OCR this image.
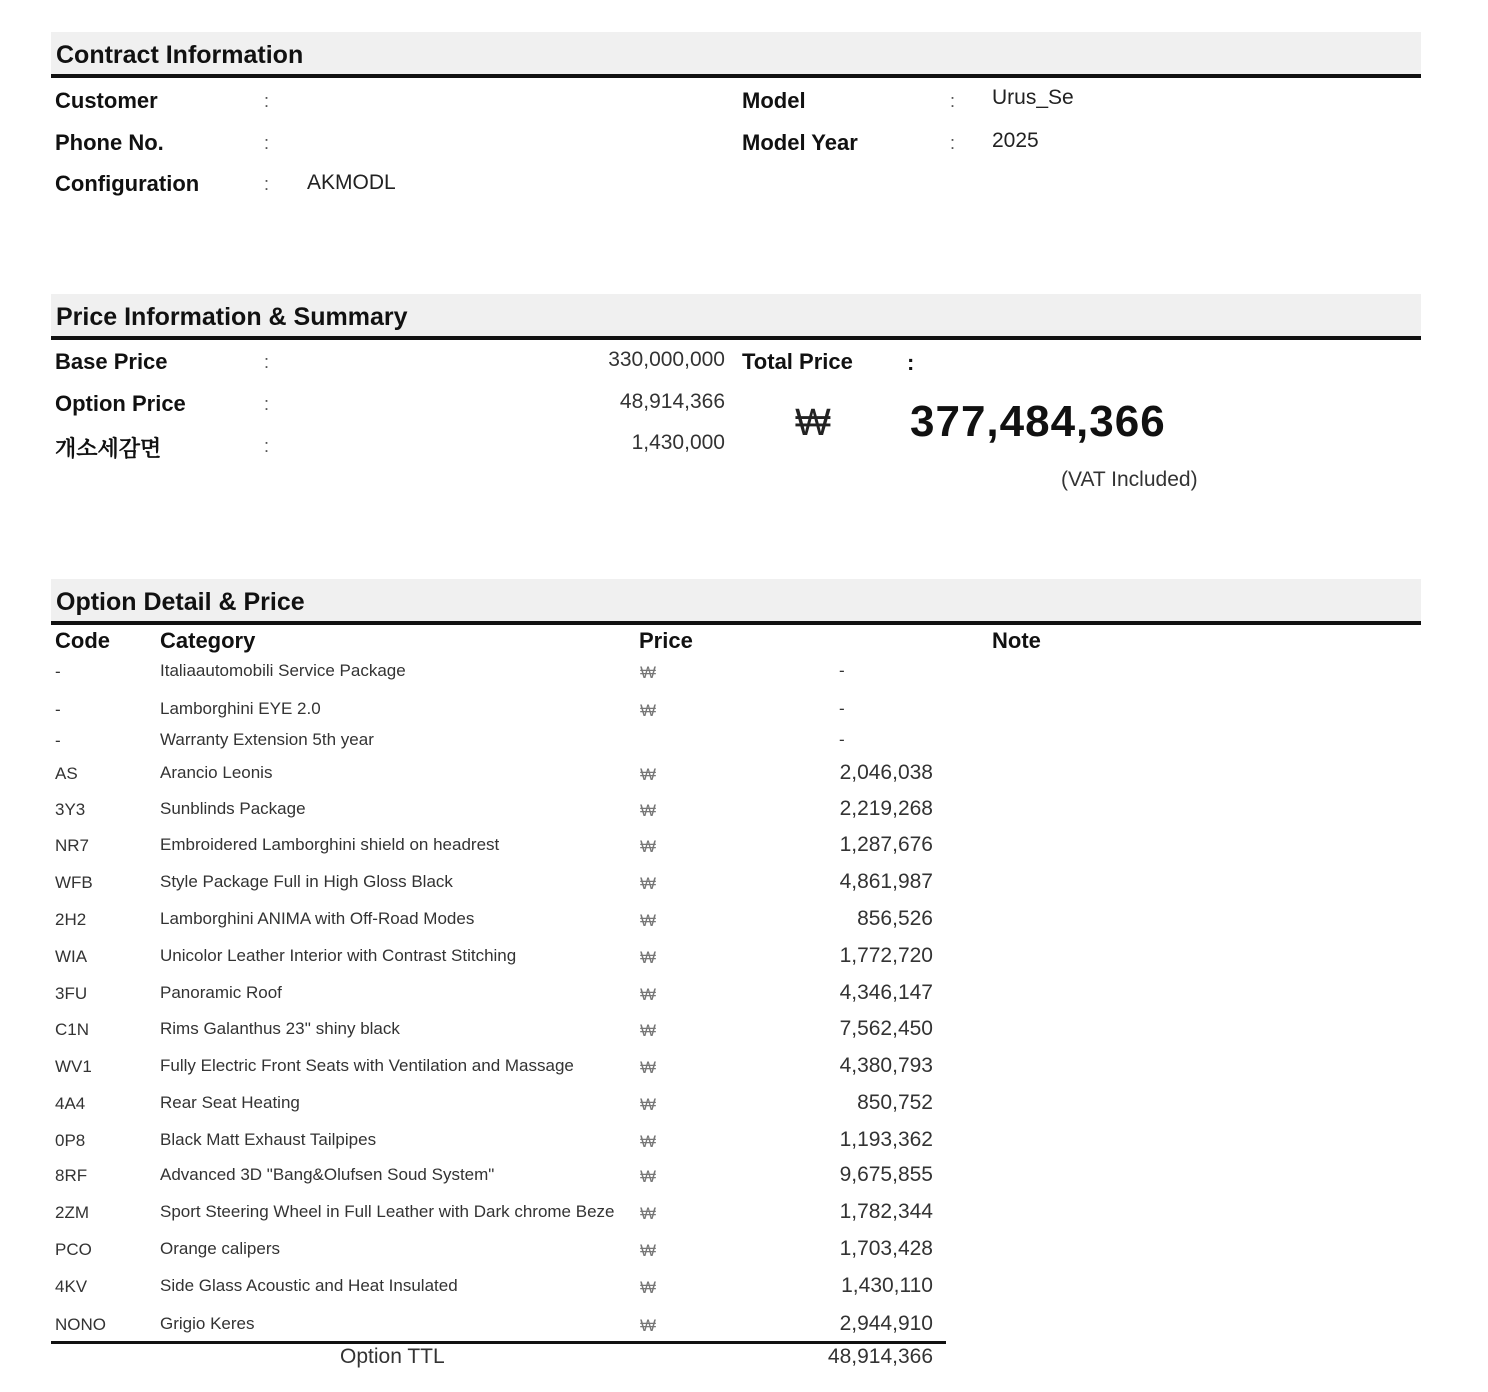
Contract Information
Customer	:
Phone No.	:
Configuration	: AKMODL
Model	: Urus_Se
Model Year	: 2025
Price Information & Summary
Base Price	:	330,000,000
Option Price	:	48,914,366
개소세감면	:	1,430,000
Total Price :
₩ 377,484,366
(VAT Included)
Option Detail & Price
Code Category	Price	Note
-	Italiaautomobili Service Package	₩	-
-	Lamborghini EYE 2.0	₩	-
-	Warranty Extension 5th year	-
AS	Arancio Leonis	₩	2,046,038
3Y3	Sunblinds Package	₩	2,219,268
NR7	Embroidered Lamborghini shield on headrest	₩	1,287,676
WFB	Style Package Full in High Gloss Black	₩	4,861,987
2H2	Lamborghini ANIMA with Off-Road Modes	₩	856,526
WIA	Unicolor Leather Interior with Contrast Stitching	₩	1,772,720
3FU	Panoramic Roof	₩	4,346,147
C1N	Rims Galanthus 23'' shiny black	₩	7,562,450
WV1	Fully Electric Front Seats with Ventilation and Massage	₩	4,380,793
4A4	Rear Seat Heating	₩	850,752
0P8	Black Matt Exhaust Tailpipes	₩	1,193,362
8RF	Advanced 3D "Bang&Olufsen Soud System"	₩	9,675,855
2ZM	Sport Steering Wheel in Full Leather with Dark chrome Beze ₩	1,782,344
PCO	Orange calipers	₩	1,703,428
4KV	Side Glass Acoustic and Heat Insulated	₩	1,430,110
NONO	Grigio Keres	₩	2,944,910
Option TTL	48,914,366
